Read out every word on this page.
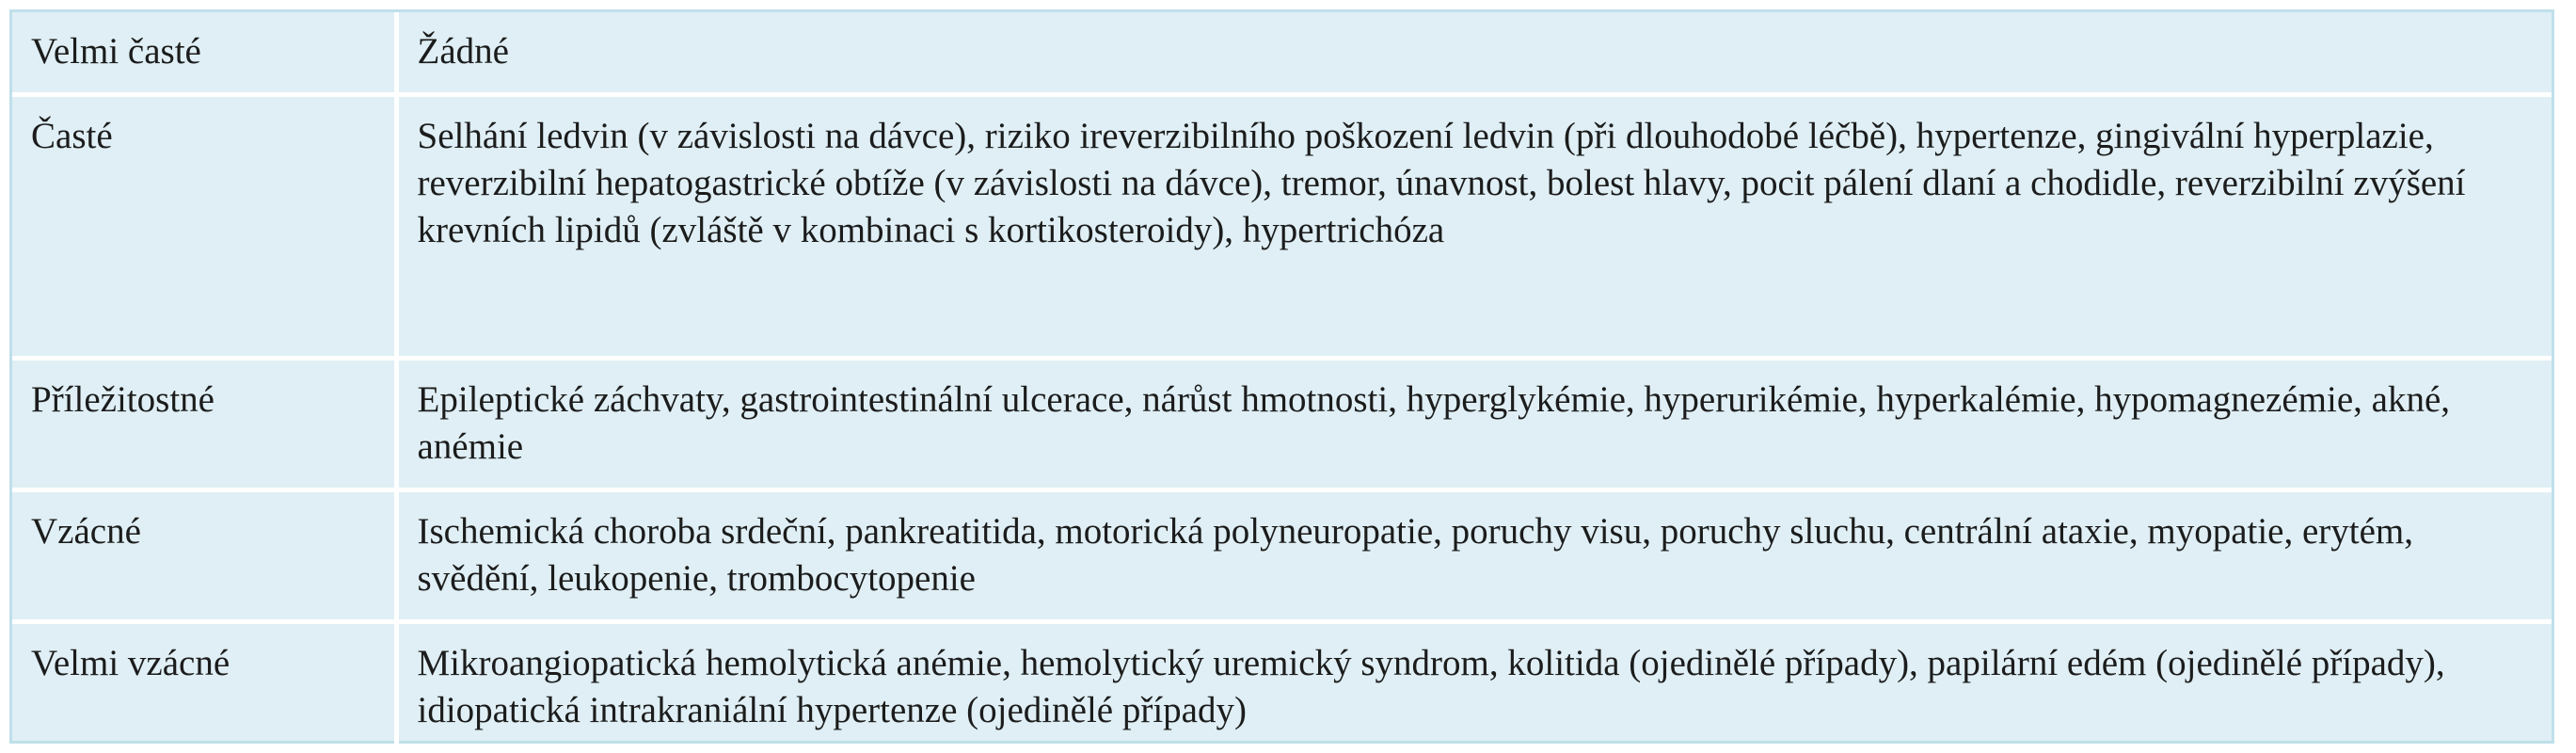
Velmi časté	Žádné
Časté	Selhání ledvin (v závislosti na dávce), riziko ireverzibilního poškození ledvin (při dlouhodobé léčbě), hypertenze, gingivální hyperplazie, reverzibilní hepatogastrické obtíže (v závislosti na dávce), tremor, únavnost, bolest hlavy, pocit pálení dlaní a chodidle, reverzibilní zvýšení krevních lipidů (zvláště v kombinaci s kortikosteroidy), hypertrichóza
Příležitostné	Epileptické záchvaty, gastrointestinální ulcerace, nárůst hmotnosti, hyperglykémie, hyperurikémie, hyperkalémie, hypomagnezémie, akné, anémie
Vzácné	Ischemická choroba srdeční, pankreatitida, motorická polyneuropatie, poruchy visu, poruchy sluchu, centrální ataxie, myopatie, erytém, svědění, leukopenie, trombocytopenie
Velmi vzácné	Mikroangiopatická hemolytická anémie, hemolytický uremický syndrom, kolitida (ojedinělé případy), papilární edém (ojedinělé případy), idiopatická intrakraniální hypertenze (ojedinělé případy)
